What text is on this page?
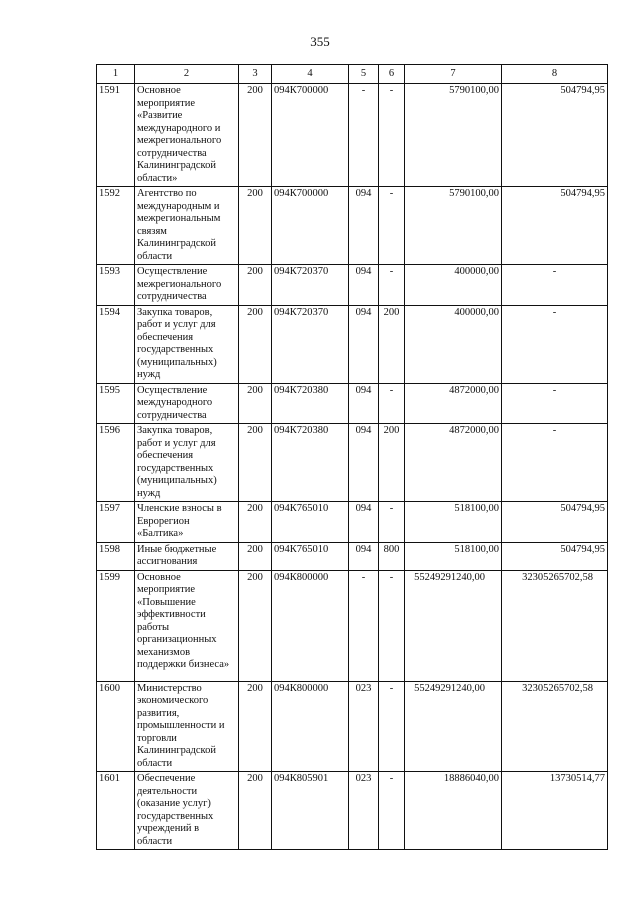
355
1	2	3	4	5	6	7	8
1591	Основное мероприятие «Развитие международного и межрегионального сотрудничества Калининградской области»	200	094К700000	-	-	5790100,00	504794,95
1592	Агентство по международным и межрегиональным связям Калининградской области	200	094К700000	094	-	5790100,00	504794,95
1593	Осуществление межрегионального сотрудничества	200	094К720370	094	-	400000,00	-
1594	Закупка товаров, работ и услуг для обеспечения государственных (муниципальных) нужд	200	094К720370	094	200	400000,00	-
1595	Осуществление международного сотрудничества	200	094К720380	094	-	4872000,00	-
1596	Закупка товаров, работ и услуг для обеспечения государственных (муниципальных) нужд	200	094К720380	094	200	4872000,00	-
1597	Членские взносы в Еврорегион «Балтика»	200	094К765010	094	-	518100,00	504794,95
1598	Иные бюджетные ассигнования	200	094К765010	094	800	518100,00	504794,95
1599	Основное мероприятие «Повышение эффективности работы организационных механизмов поддержки бизнеса»	200	094К800000	-	-	55249291240,00	32305265702,58
1600	Министерство экономического развития, промышленности и торговли Калининградской области	200	094К800000	023	-	55249291240,00	32305265702,58
1601	Обеспечение деятельности (оказание услуг) государственных учреждений в области	200	094К805901	023	-	18886040,00	13730514,77
